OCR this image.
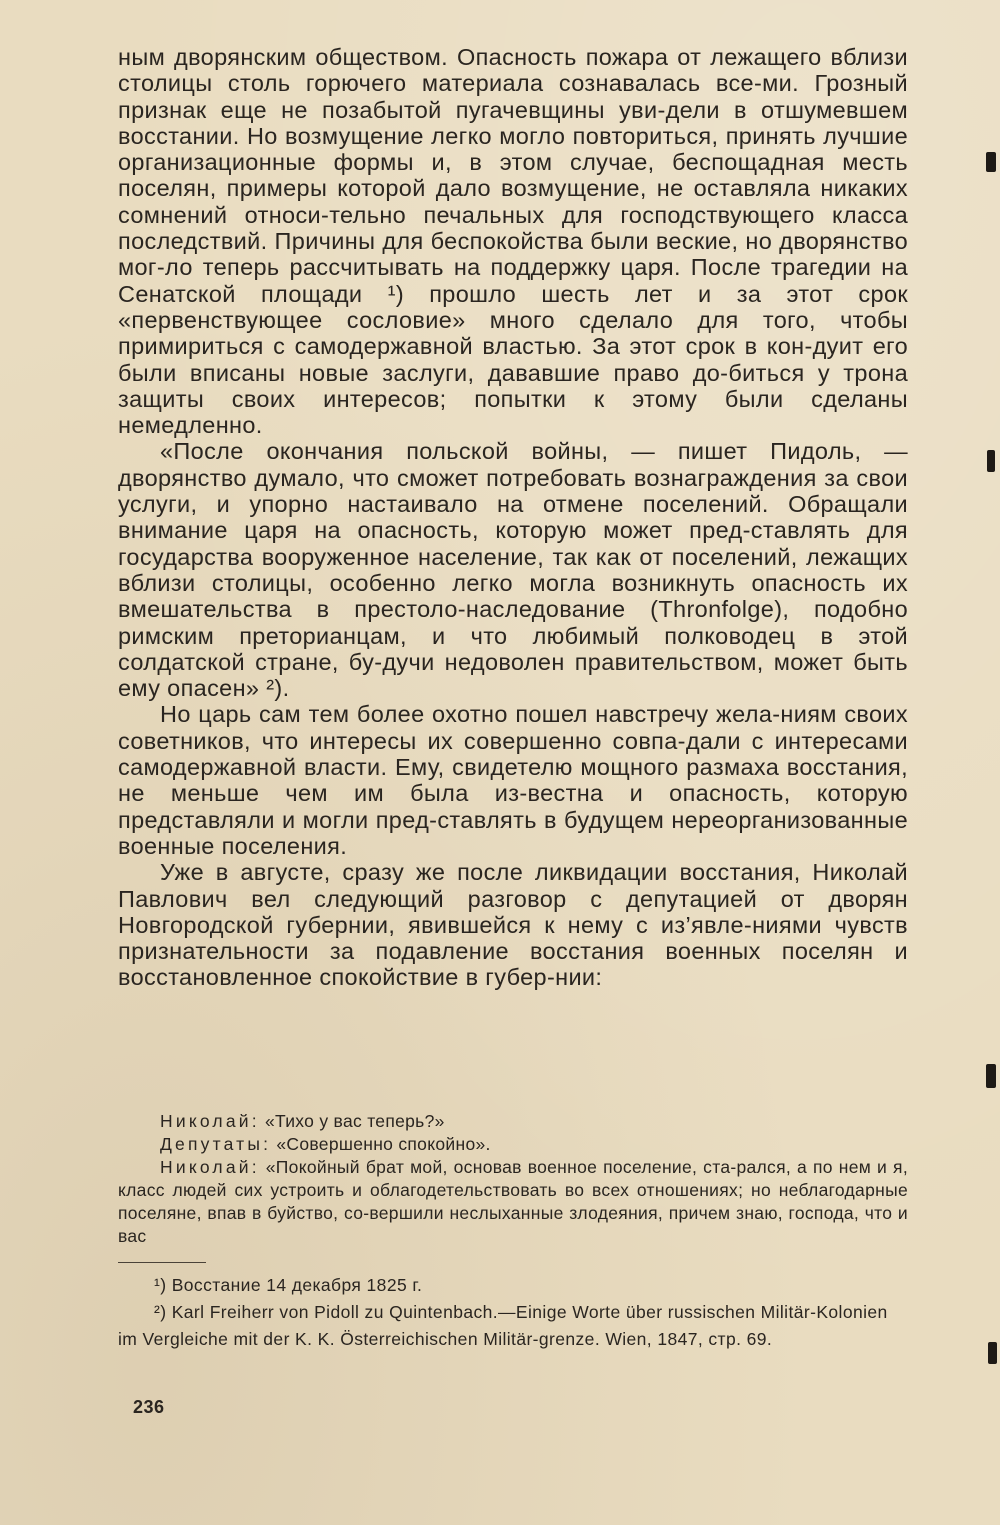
ным дворянским обществом. Опасность пожара от лежащего вблизи столицы столь горючего материала сознавалась все-ми. Грозный признак еще не позабытой пугачевщины уви-дели в отшумевшем восстании. Но возмущение легко могло повториться, принять лучшие организационные формы и, в этом случае, беспощадная месть поселян, примеры которой дало возмущение, не оставляла никаких сомнений относи-тельно печальных для господствующего класса последствий. Причины для беспокойства были веские, но дворянство мог-ло теперь рассчитывать на поддержку царя. После трагедии на Сенатской площади ¹) прошло шесть лет и за этот срок «первенствующее сословие» много сделало для того, чтобы примириться с самодержавной властью. За этот срок в кон-дуит его были вписаны новые заслуги, дававшие право до-биться у трона защиты своих интересов; попытки к этому были сделаны немедленно.

«После окончания польской войны, — пишет Пидоль, — дворянство думало, что сможет потребовать вознаграждения за свои услуги, и упорно настаивало на отмене поселений. Обращали внимание царя на опасность, которую может пред-ставлять для государства вооруженное население, так как от поселений, лежащих вблизи столицы, особенно легко могла возникнуть опасность их вмешательства в престоло-наследование (Thronfolge), подобно римским преторианцам, и что любимый полководец в этой солдатской стране, бу-дучи недоволен правительством, может быть ему опасен» ²).

Но царь сам тем более охотно пошел навстречу жела-ниям своих советников, что интересы их совершенно совпа-дали с интересами самодержавной власти. Ему, свидетелю мощного размаха восстания, не меньше чем им была из-вестна и опасность, которую представляли и могли пред-ставлять в будущем нереорганизованные военные поселения.

Уже в августе, сразу же после ликвидации восстания, Николай Павлович вел следующий разговор с депутацией от дворян Новгородской губернии, явившейся к нему с из’явле-ниями чувств признательности за подавление восстания военных поселян и восстановленное спокойствие в губер-нии:

Николай: «Тихо у вас теперь?»

Депутаты: «Совершенно спокойно».

Николай: «Покойный брат мой, основав военное поселение, ста-рался, а по нем и я, класс людей сих устроить и облагодетельствовать во всех отношениях; но неблагодарные поселяне, впав в буйство, со-вершили неслыханные злодеяния, причем знаю, господа, что и вас

¹) Восстание 14 декабря 1825 г.

²) Karl Freiherr von Pidoll zu Quintenbach.—Einige Worte über russischen Militär-Kolonien im Vergleiche mit der K. K. Österreichischen Militär-grenze. Wien, 1847, стр. 69.

236
